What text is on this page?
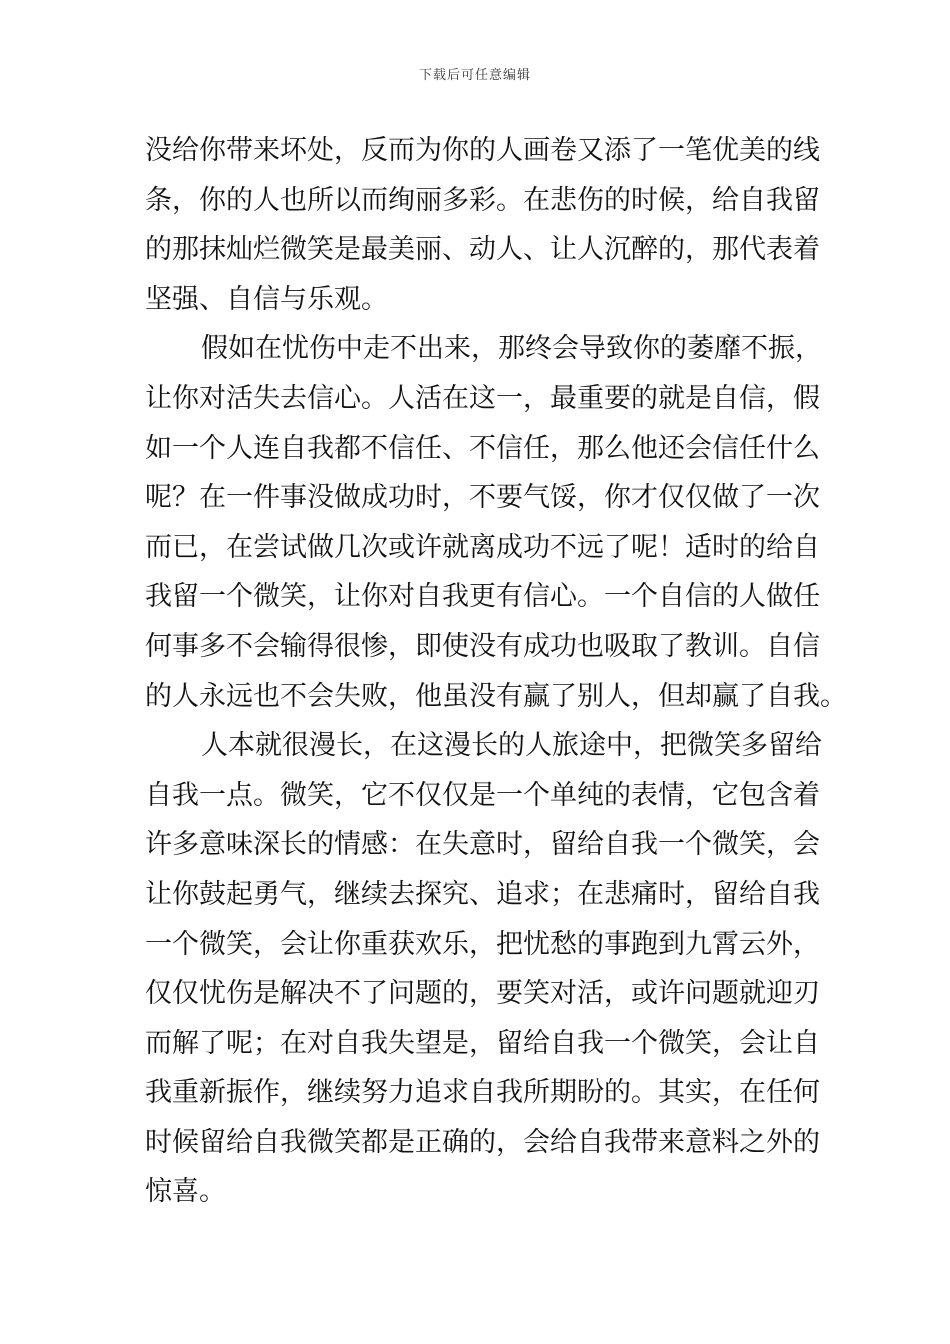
下载后可任意编辑
没给你带来坏处，反而为你的人画卷又添了一笔优美的线
条，你的人也所以而绚丽多彩。在悲伤的时候，给自我留
的那抹灿烂微笑是最美丽、动人、让人沉醉的，那代表着
坚强、自信与乐观。
假如在忧伤中走不出来，那终会导致你的萎靡不振，
让你对活失去信心。人活在这一，最重要的就是自信，假
如一个人连自我都不信任、不信任，那么他还会信任什么
呢？在一件事没做成功时，不要气馁，你才仅仅做了一次
而已，在尝试做几次或许就离成功不远了呢！适时的给自
我留一个微笑，让你对自我更有信心。一个自信的人做任
何事多不会输得很惨，即使没有成功也吸取了教训。自信
的人永远也不会失败，他虽没有赢了别人，但却赢了自我。
人本就很漫长，在这漫长的人旅途中，把微笑多留给
自我一点。微笑，它不仅仅是一个单纯的表情，它包含着
许多意味深长的情感：在失意时，留给自我一个微笑，会
让你鼓起勇气，继续去探究、追求；在悲痛时，留给自我
一个微笑，会让你重获欢乐，把忧愁的事跑到九霄云外，
仅仅忧伤是解决不了问题的，要笑对活，或许问题就迎刃
而解了呢；在对自我失望是，留给自我一个微笑，会让自
我重新振作，继续努力追求自我所期盼的。其实，在任何
时候留给自我微笑都是正确的，会给自我带来意料之外的
惊喜。
